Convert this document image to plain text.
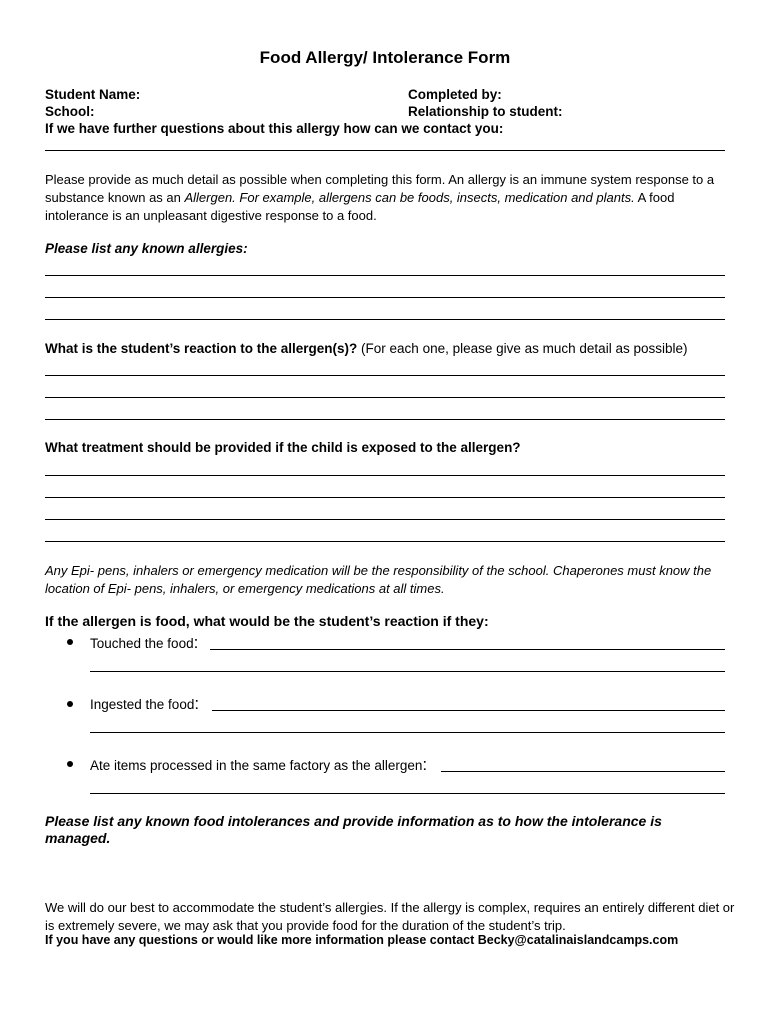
Food Allergy/ Intolerance Form
Student Name:	Completed by:
School:	Relationship to student:
If we have further questions about this allergy how can we contact you:
Please provide as much detail as possible when completing this form. An allergy is an immune system response to a substance known as an Allergen. For example, allergens can be foods, insects, medication and plants. A food intolerance is an unpleasant digestive response to a food.
Please list any known allergies:
What is the student’s reaction to the allergen(s)? (For each one, please give as much detail as possible)
What treatment should be provided if the child is exposed to the allergen?
Any Epi- pens, inhalers or emergency medication will be the responsibility of the school. Chaperones must know the location of Epi- pens, inhalers, or emergency medications at all times.
If the allergen is food, what would be the student’s reaction if they:
Touched the food:
Ingested the food:
Ate items processed in the same factory as the allergen:
Please list any known food intolerances and provide information as to how the intolerance is managed.
We will do our best to accommodate the student’s allergies. If the allergy is complex, requires an entirely different diet or is extremely severe, we may ask that you provide food for the duration of the student’s trip.
If you have any questions or would like more information please contact Becky@catalinaislandcamps.com
